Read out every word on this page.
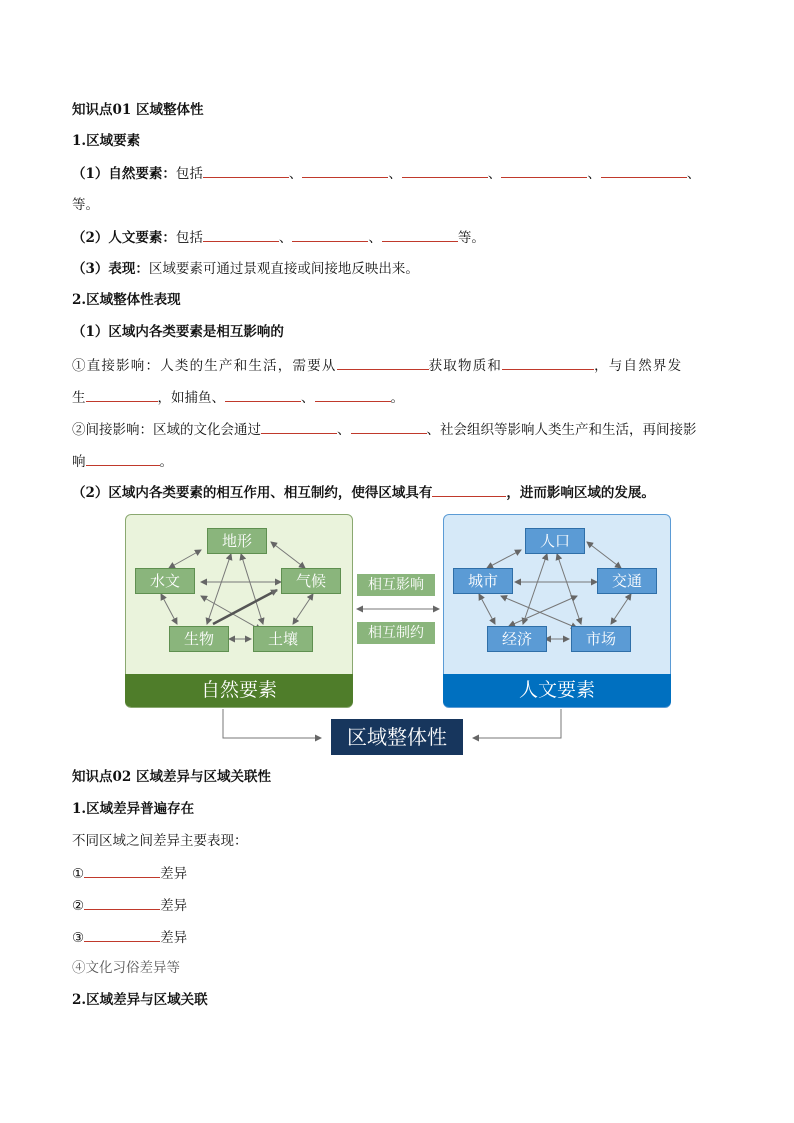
知识点01 区域整体性
1.区域要素
（1）自然要素：包括	、	、	、	、	、
等。
（2）人文要素：包括	、	、	等。
（3）表现：区域要素可通过景观直接或间接地反映出来。
2.区域整体性表现
（1）区域内各类要素是相互影响的
①直接影响：人类的生产和生活，需要从	获取物质和	，与自然界发
生	，如捕鱼、	、	。
②间接影响：区域的文化会通过	、	、社会组织等影响人类生产和生活，再间接影
响	。
（2）区域内各类要素的相互作用、相互制约，使得区域具有	，进而影响区域的发展。
自然要素	人文要素
地形
水文	气候
生物	土壤
人口
城市	交通
经济	市场
相互影响
相互制约
区域整体性
知识点02 区域差异与区域关联性
1.区域差异普遍存在
不同区域之间差异主要表现：
①	差异
②	差异
③	差异
④文化习俗差异等
2.区域差异与区域关联
